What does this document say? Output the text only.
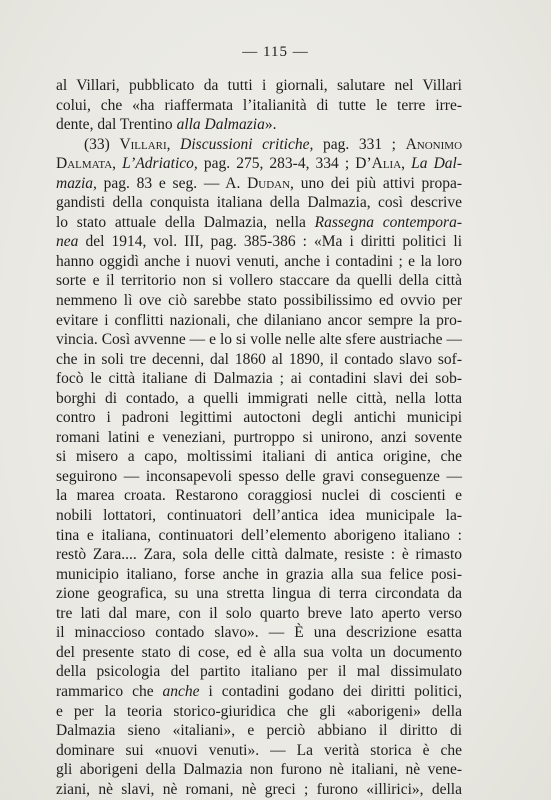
— 115 —
al Villari, pubblicato da tutti i giornali, salutare nel Villari
colui, che «ha riaffermata l’italianità di tutte le terre irre-
dente, dal Trentino alla Dalmazia».
(33) Villari, Discussioni critiche, pag. 331 ; Anonimo
Dalmata, L’Adriatico, pag. 275, 283-4, 334 ; D’Alia, La Dal-
mazia, pag. 83 e seg. — A. Dudan, uno dei più attivi propa-
gandisti della conquista italiana della Dalmazia, così descrive
lo stato attuale della Dalmazia, nella Rassegna contempora-
nea del 1914, vol. III, pag. 385-386 : «Ma i diritti politici li
hanno oggidì anche i nuovi venuti, anche i contadini ; e la loro
sorte e il territorio non si vollero staccare da quelli della città
nemmeno lì ove ciò sarebbe stato possibilissimo ed ovvio per
evitare i conflitti nazionali, che dilaniano ancor sempre la pro-
vincia. Così avvenne — e lo si volle nelle alte sfere austriache —
che in soli tre decenni, dal 1860 al 1890, il contado slavo sof-
focò le città italiane di Dalmazia ; ai contadini slavi dei sob-
borghi di contado, a quelli immigrati nelle città, nella lotta
contro i padroni legittimi autoctoni degli antichi municipi
romani latini e veneziani, purtroppo si unirono, anzi sovente
si misero a capo, moltissimi italiani di antica origine, che
seguirono — inconsapevoli spesso delle gravi conseguenze —
la marea croata. Restarono coraggiosi nuclei di coscienti e
nobili lottatori, continuatori dell’antica idea municipale la-
tina e italiana, continuatori dell’elemento aborigeno italiano :
restò Zara.... Zara, sola delle città dalmate, resiste : è rimasto
municipio italiano, forse anche in grazia alla sua felice posi-
zione geografica, su una stretta lingua di terra circondata da
tre lati dal mare, con il solo quarto breve lato aperto verso
il minaccioso contado slavo». — È una descrizione esatta
del presente stato di cose, ed è alla sua volta un documento
della psicologia del partito italiano per il mal dissimulato
rammarico che anche i contadini godano dei diritti politici,
e per la teoria storico-giuridica che gli «aborigeni» della
Dalmazia sieno «italiani», e perciò abbiano il diritto di
dominare sui «nuovi venuti». — La verità storica è che
gli aborigeni della Dalmazia non furono nè italiani, nè vene-
ziani, nè slavi, nè romani, nè greci ; furono «illirici», della
